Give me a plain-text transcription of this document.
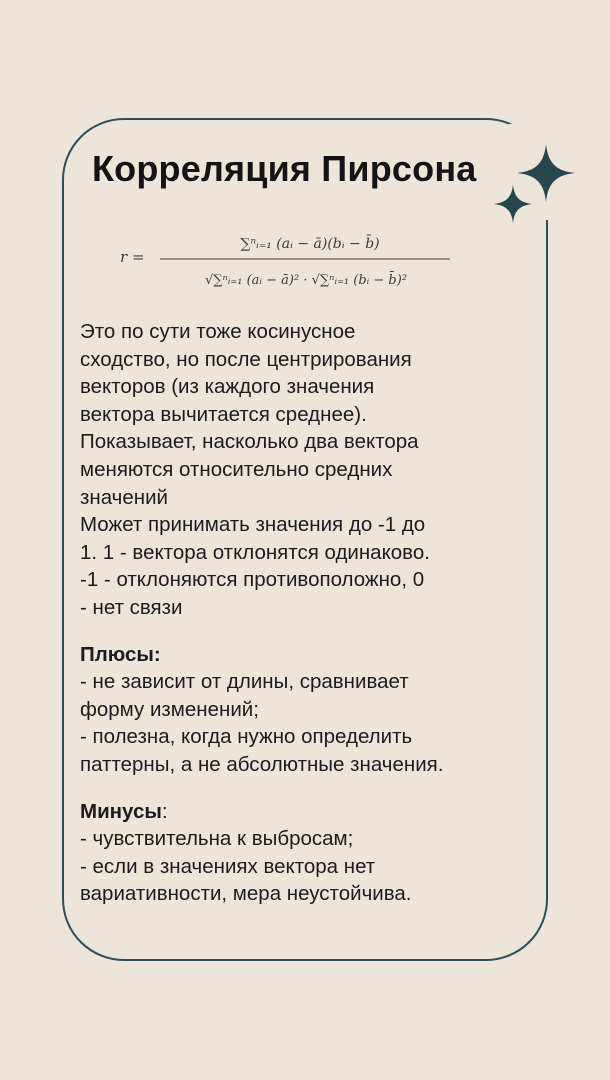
Корреляция Пирсона
r =
∑ⁿᵢ₌₁ (aᵢ − ā)(bᵢ − b̄)
√∑ⁿᵢ₌₁ (aᵢ − ā)² · √∑ⁿᵢ₌₁ (bᵢ − b̄)²
Это по сути тоже косинусное
сходство, но после центрирования
векторов (из каждого значения
вектора вычитается среднее).
Показывает, насколько два вектора
меняются относительно средних
значений
Может принимать значения до -1 до
1. 1 - вектора отклонятся одинаково.
-1 - отклоняются противоположно, 0
- нет связи
Плюсы:
- не зависит от длины, сравнивает
форму изменений;
- полезна, когда нужно определить
паттерны, а не абсолютные значения.
Минусы:
- чувствительна к выбросам;
- если в значениях вектора нет
вариативности, мера неустойчива.
